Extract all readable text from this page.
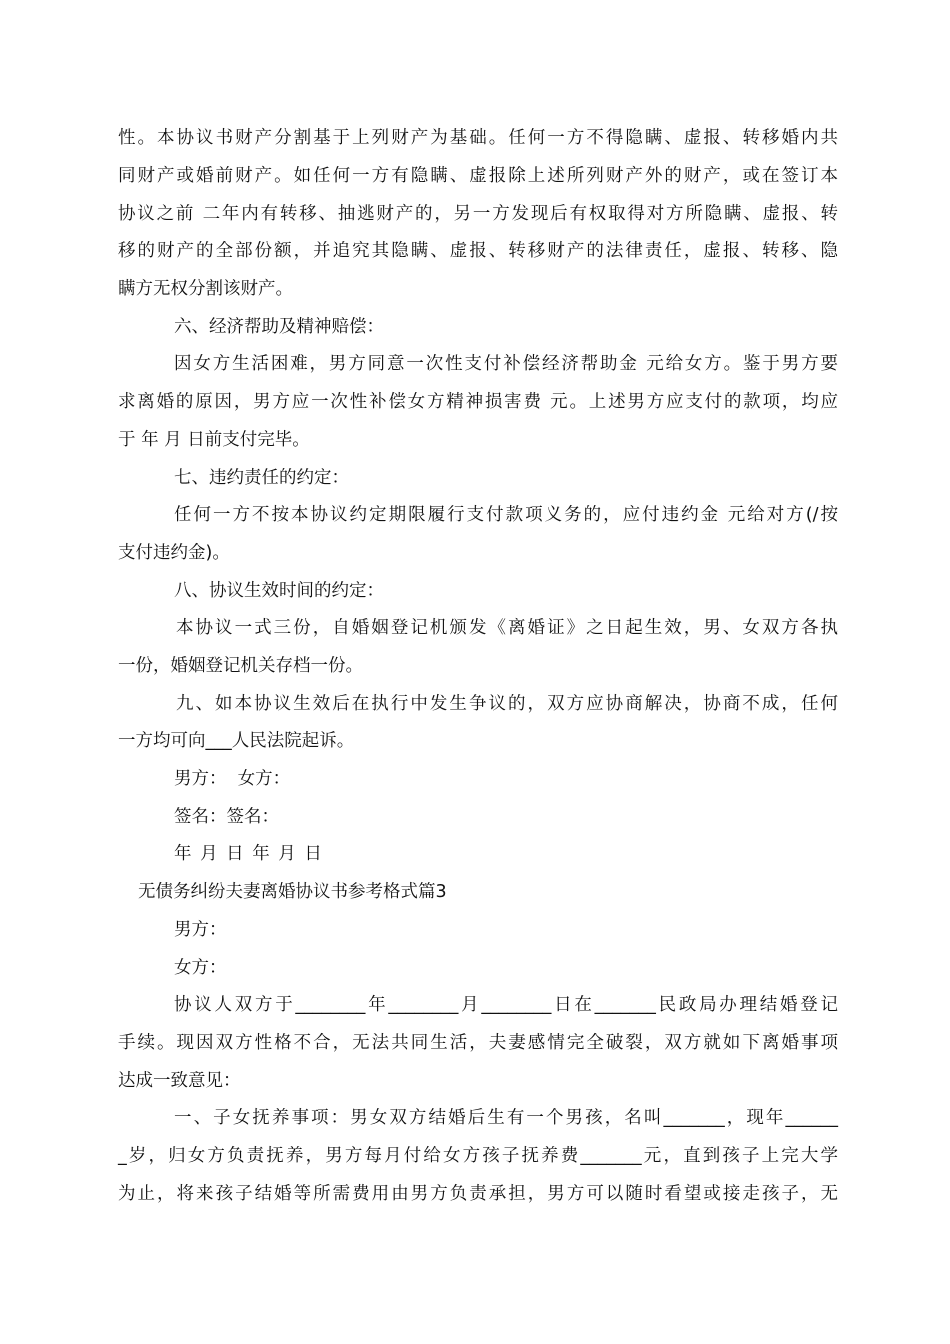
性。本协议书财产分割基于上列财产为基础。任何一方不得隐瞒、虚报、转移婚内共
同财产或婚前财产。如任何一方有隐瞒、虚报除上述所列财产外的财产，或在签订本
协议之前 二年内有转移、抽逃财产的，另一方发现后有权取得对方所隐瞒、虚报、转
移的财产的全部份额，并追究其隐瞒、虚报、转移财产的法律责任，虚报、转移、隐
瞒方无权分割该财产。
六、经济帮助及精神赔偿：
因女方生活困难，男方同意一次性支付补偿经济帮助金 元给女方。鉴于男方要
求离婚的原因，男方应一次性补偿女方精神损害费 元。上述男方应支付的款项，均应
于 年 月 日前支付完毕。
七、违约责任的约定：
任何一方不按本协议约定期限履行支付款项义务的，应付违约金 元给对方(/按
支付违约金)。
八、协议生效时间的约定：
本协议一式三份，自婚姻登记机颁发《离婚证》之日起生效，男、女双方各执
一份，婚姻登记机关存档一份。
九、如本协议生效后在执行中发生争议的，双方应协商解决，协商不成，任何
一方均可向___人民法院起诉。
男方：  女方：
签名：签名：
年 月 日 年 月 日
无债务纠纷夫妻离婚协议书参考格式篇3
男方：
女方：
协议人双方于________年________月________日在_______民政局办理结婚登记
手续。现因双方性格不合，无法共同生活，夫妻感情完全破裂，双方就如下离婚事项
达成一致意见：
一、子女抚养事项：男女双方结婚后生有一个男孩，名叫_______，现年______
_岁，归女方负责抚养，男方每月付给女方孩子抚养费_______元，直到孩子上完大学
为止，将来孩子结婚等所需费用由男方负责承担，男方可以随时看望或接走孩子，无
